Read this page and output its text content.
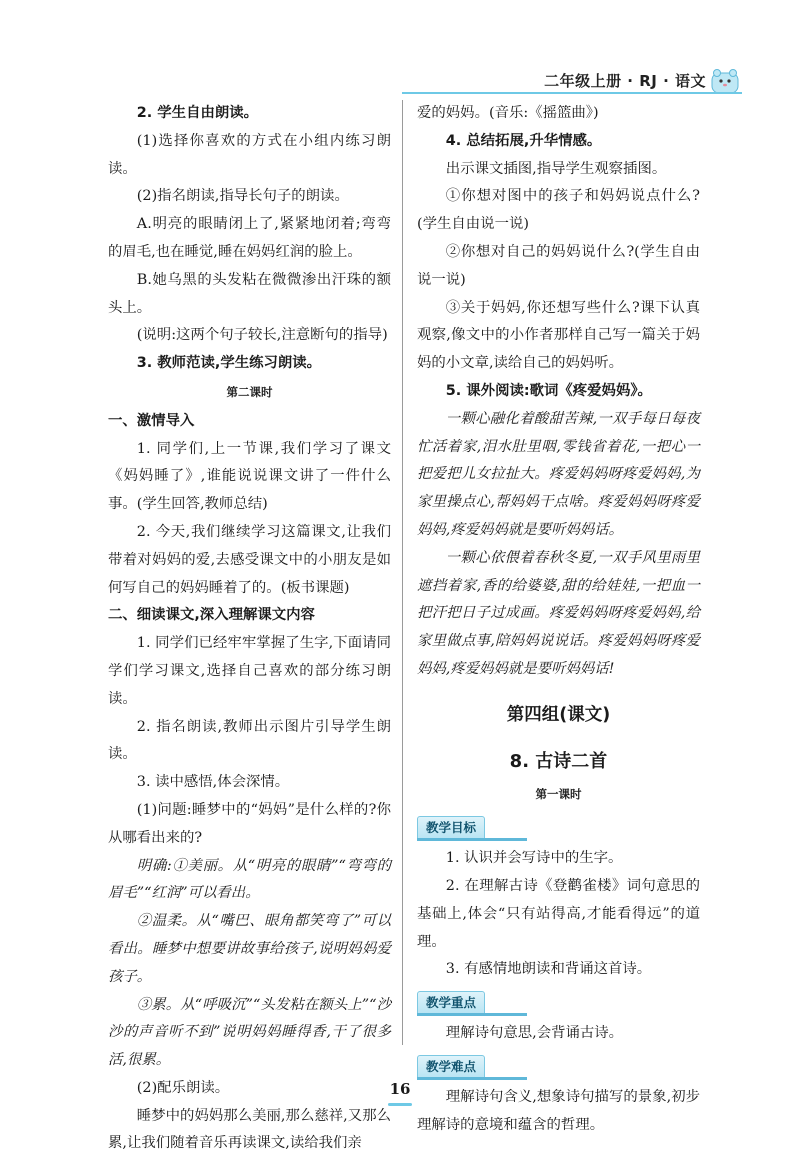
二年级上册 · RJ · 语文

2. 学生自由朗读。

(1)选择你喜欢的方式在小组内练习朗读。

(2)指名朗读,指导长句子的朗读。

A.明亮的眼睛闭上了,紧紧地闭着;弯弯的眉毛,也在睡觉,睡在妈妈红润的脸上。

B.她乌黑的头发粘在微微渗出汗珠的额头上。

(说明:这两个句子较长,注意断句的指导)

3. 教师范读,学生练习朗读。

第二课时

一、激情导入

1. 同学们,上一节课,我们学习了课文《妈妈睡了》,谁能说说课文讲了一件什么事。(学生回答,教师总结)

2. 今天,我们继续学习这篇课文,让我们带着对妈妈的爱,去感受课文中的小朋友是如何写自己的妈妈睡着了的。(板书课题)

二、细读课文,深入理解课文内容

1. 同学们已经牢牢掌握了生字,下面请同学们学习课文,选择自己喜欢的部分练习朗读。

2. 指名朗读,教师出示图片引导学生朗读。

3. 读中感悟,体会深情。

(1)问题:睡梦中的“妈妈”是什么样的?你从哪看出来的?

明确:①美丽。从“明亮的眼睛”“弯弯的眉毛”“红润”可以看出。

②温柔。从“嘴巴、眼角都笑弯了”可以看出。睡梦中想要讲故事给孩子,说明妈妈爱孩子。

③累。从“呼吸沉”“头发粘在额头上”“沙沙的声音听不到”说明妈妈睡得香,干了很多活,很累。

(2)配乐朗读。

睡梦中的妈妈那么美丽,那么慈祥,又那么累,让我们随着音乐再读课文,读给我们亲

爱的妈妈。(音乐:《摇篮曲》)

4. 总结拓展,升华情感。

出示课文插图,指导学生观察插图。

①你想对图中的孩子和妈妈说点什么?(学生自由说一说)

②你想对自己的妈妈说什么?(学生自由说一说)

③关于妈妈,你还想写些什么?课下认真观察,像文中的小作者那样自己写一篇关于妈妈的小文章,读给自己的妈妈听。

5. 课外阅读:歌词《疼爱妈妈》。

一颗心融化着酸甜苦辣,一双手每日每夜忙活着家,泪水肚里咽,零钱省着花,一把心一把爱把儿女拉扯大。疼爱妈妈呀疼爱妈妈,为家里操点心,帮妈妈干点啥。疼爱妈妈呀疼爱妈妈,疼爱妈妈就是要听妈妈话。

一颗心依偎着春秋冬夏,一双手风里雨里遮挡着家,香的给婆婆,甜的给娃娃,一把血一把汗把日子过成画。疼爱妈妈呀疼爱妈妈,给家里做点事,陪妈妈说说话。疼爱妈妈呀疼爱妈妈,疼爱妈妈就是要听妈妈话!

第四组(课文)
8. 古诗二首

第一课时

教学目标

1. 认识并会写诗中的生字。

2. 在理解古诗《登鹳雀楼》词句意思的基础上,体会“只有站得高,才能看得远”的道理。

3. 有感情地朗读和背诵这首诗。

教学重点

理解诗句意思,会背诵古诗。

教学难点

理解诗句含义,想象诗句描写的景象,初步理解诗的意境和蕴含的哲理。

16
